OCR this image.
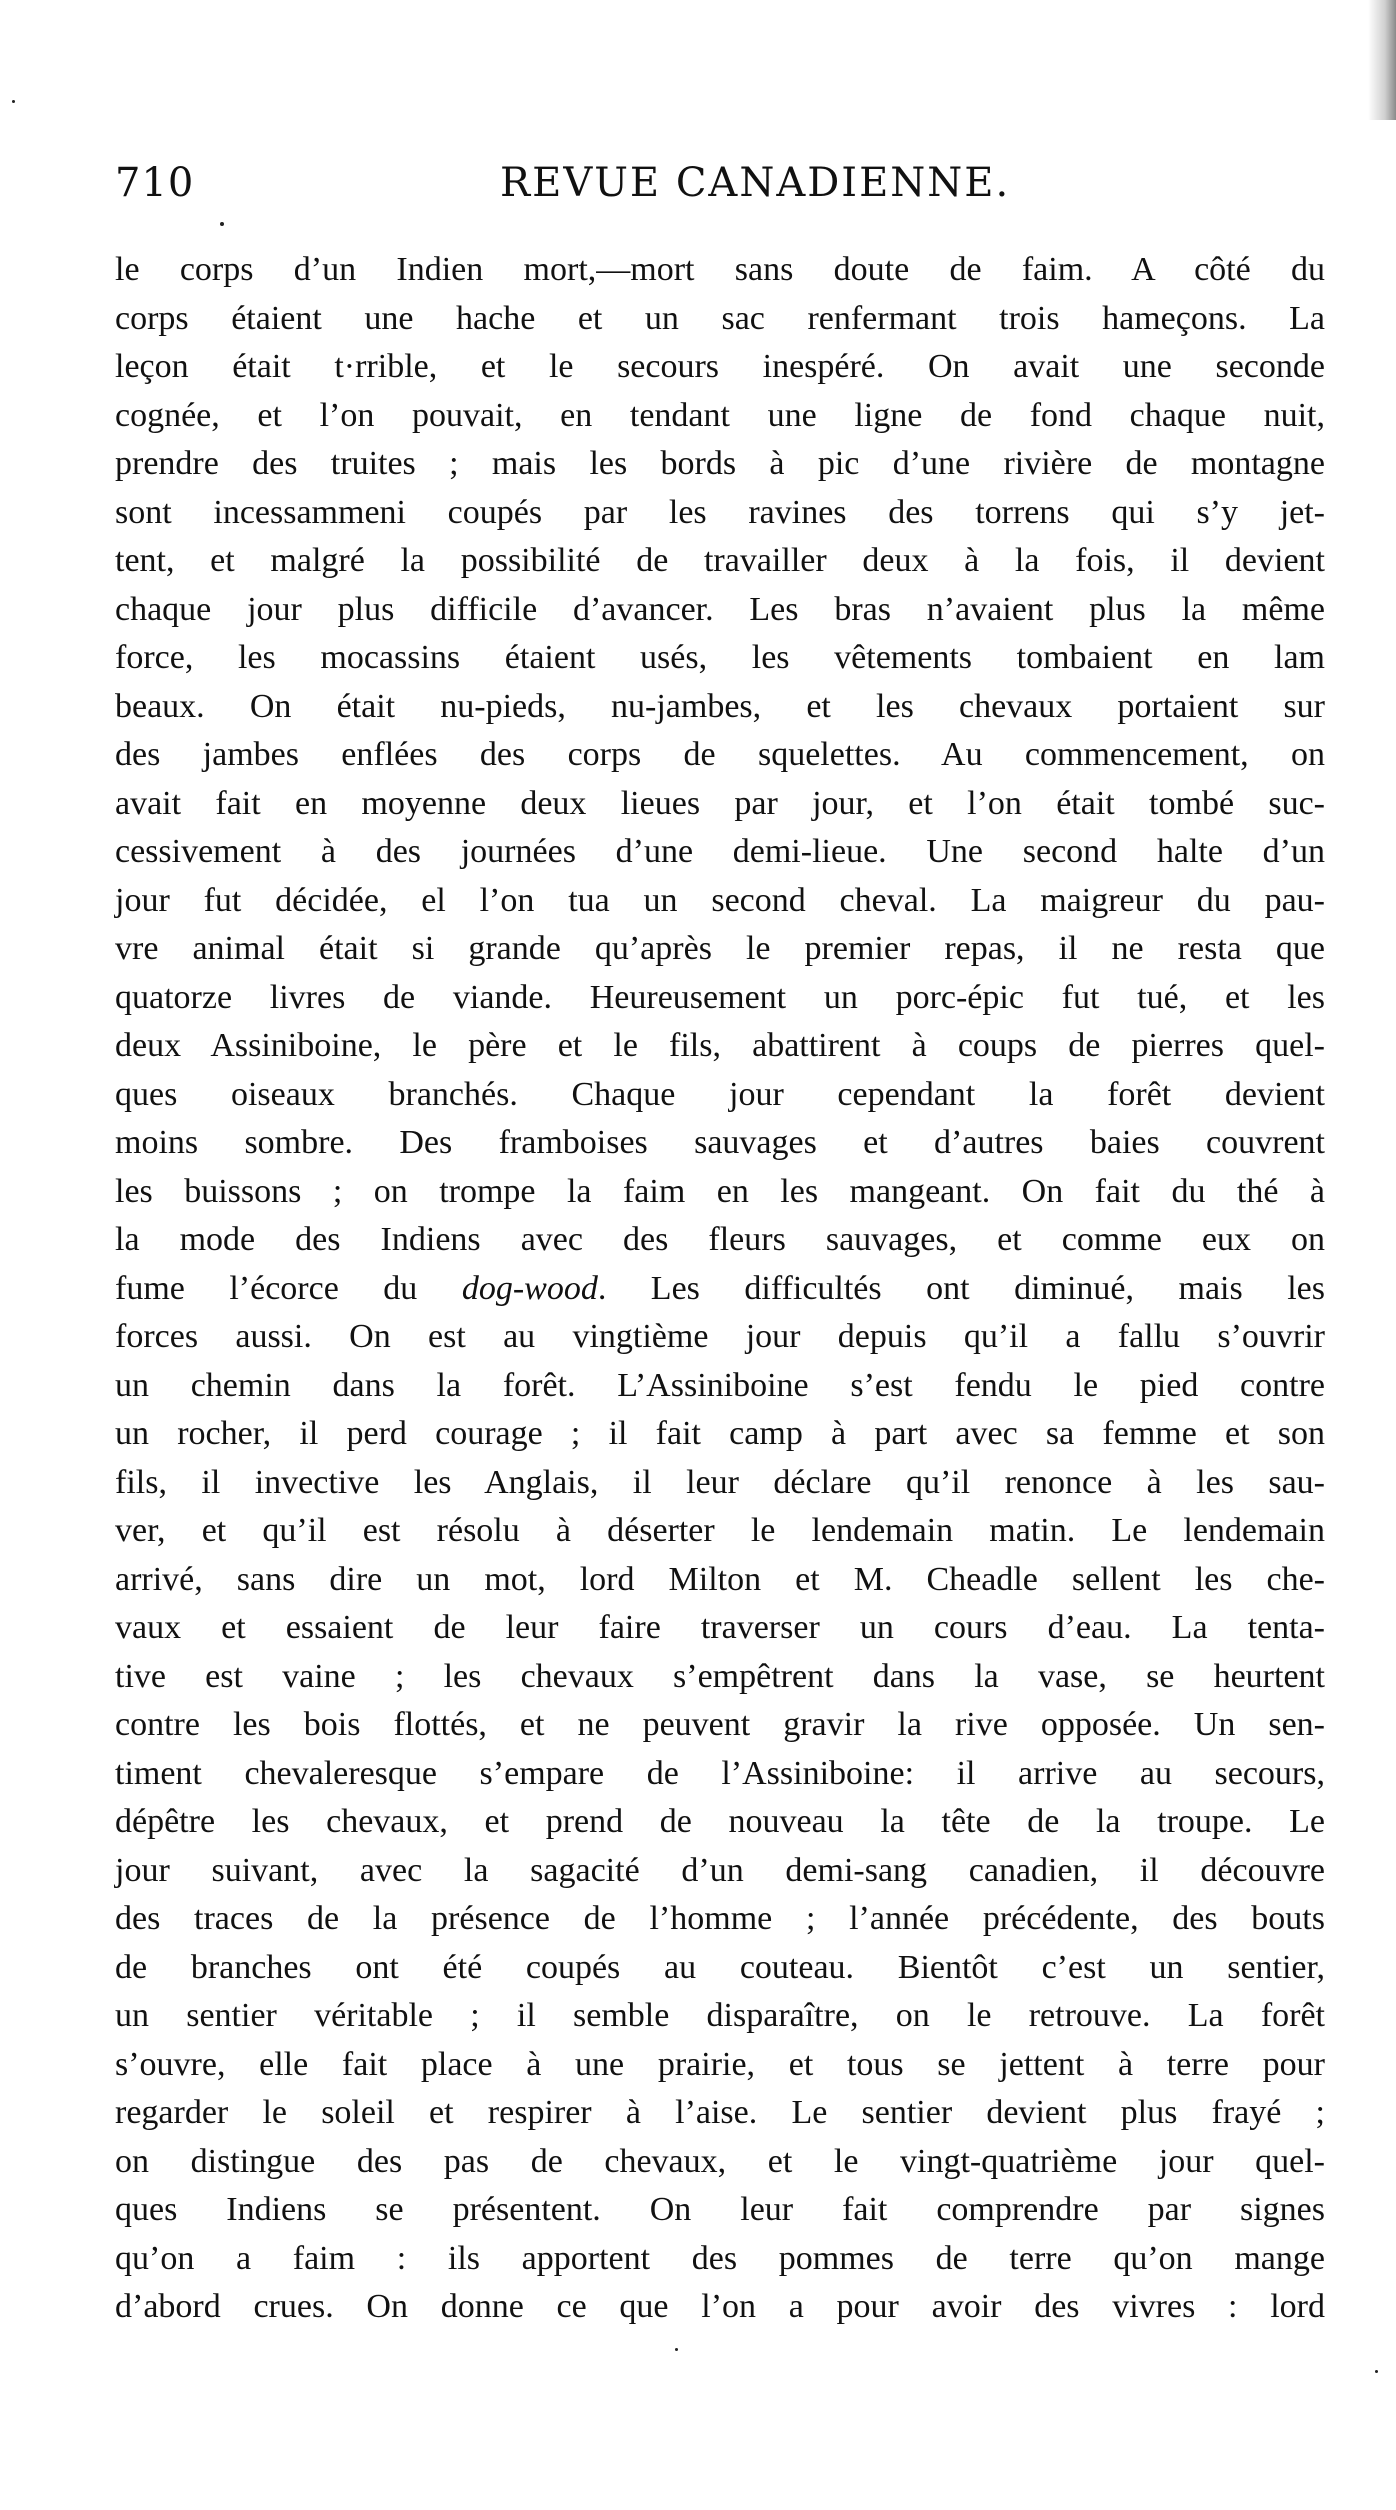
710	REVUE CANADIENNE.
le corps d’un Indien mort,—mort sans doute de faim. A côté du
corps étaient une hache et un sac renfermant trois hameçons. La
leçon était t·rrible, et le secours inespéré. On avait une seconde
cognée, et l’on pouvait, en tendant une ligne de fond chaque nuit,
prendre des truites ; mais les bords à pic d’une rivière de montagne
sont incessammeni coupés par les ravines des torrens qui s’y jet-
tent, et malgré la possibilité de travailler deux à la fois, il devient
chaque jour plus difficile d’avancer. Les bras n’avaient plus la même
force, les mocassins étaient usés, les vêtements tombaient en lam
beaux. On était nu-pieds, nu-jambes, et les chevaux portaient sur
des jambes enflées des corps de squelettes. Au commencement, on
avait fait en moyenne deux lieues par jour, et l’on était tombé suc-
cessivement à des journées d’une demi-lieue. Une second halte d’un
jour fut décidée, el l’on tua un second cheval. La maigreur du pau-
vre animal était si grande qu’après le premier repas, il ne resta que
quatorze livres de viande. Heureusement un porc-épic fut tué, et les
deux Assiniboine, le père et le fils, abattirent à coups de pierres quel-
ques oiseaux branchés. Chaque jour cependant la forêt devient
moins sombre. Des framboises sauvages et d’autres baies couvrent
les buissons ; on trompe la faim en les mangeant. On fait du thé à
la mode des Indiens avec des fleurs sauvages, et comme eux on
fume l’écorce du dog-wood. Les difficultés ont diminué, mais les
forces aussi. On est au vingtième jour depuis qu’il a fallu s’ouvrir
un chemin dans la forêt. L’Assiniboine s’est fendu le pied contre
un rocher, il perd courage ; il fait camp à part avec sa femme et son
fils, il invective les Anglais, il leur déclare qu’il renonce à les sau-
ver, et qu’il est résolu à déserter le lendemain matin. Le lendemain
arrivé, sans dire un mot, lord Milton et M. Cheadle sellent les che-
vaux et essaient de leur faire traverser un cours d’eau. La tenta-
tive est vaine ; les chevaux s’empêtrent dans la vase, se heurtent
contre les bois flottés, et ne peuvent gravir la rive opposée. Un sen-
timent chevaleresque s’empare de l’Assiniboine: il arrive au secours,
dépêtre les chevaux, et prend de nouveau la tête de la troupe. Le
jour suivant, avec la sagacité d’un demi-sang canadien, il découvre
des traces de la présence de l’homme ; l’année précédente, des bouts
de branches ont été coupés au couteau. Bientôt c’est un sentier,
un sentier véritable ; il semble disparaître, on le retrouve. La forêt
s’ouvre, elle fait place à une prairie, et tous se jettent à terre pour
regarder le soleil et respirer à l’aise. Le sentier devient plus frayé ;
on distingue des pas de chevaux, et le vingt-quatrième jour quel-
ques Indiens se présentent. On leur fait comprendre par signes
qu’on a faim : ils apportent des pommes de terre qu’on mange
d’abord crues. On donne ce que l’on a pour avoir des vivres : lord
